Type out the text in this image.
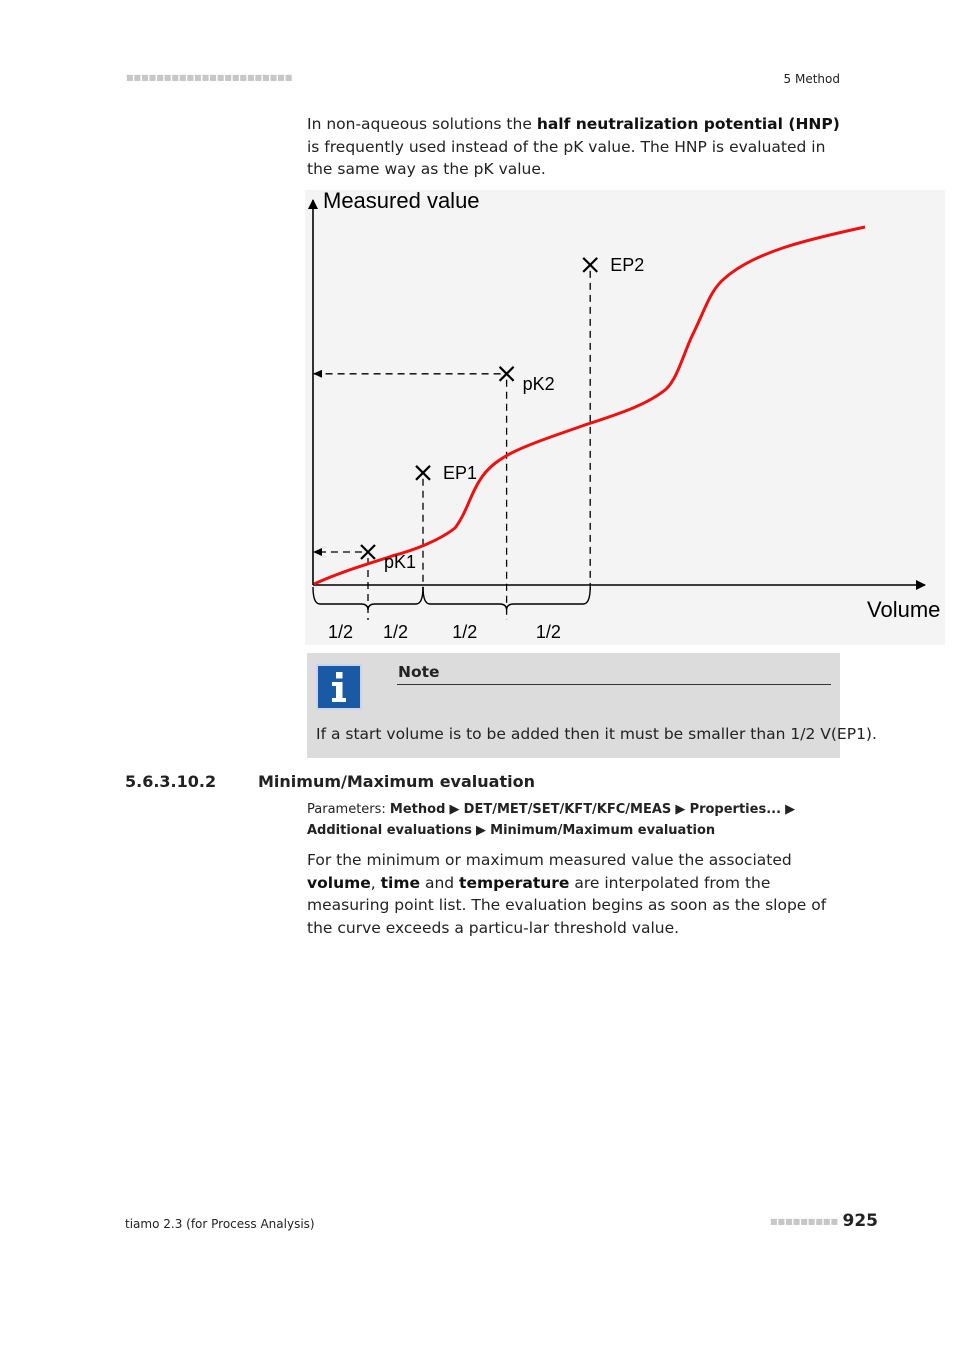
■■■■■■■■■■■■■■■■■■■■■■	5 Method
In non-aqueous solutions the half neutralization potential (HNP) is frequently used instead of the pK value. The HNP is evaluated in the same way as the pK value.
Measured value
Volume
pK1
EP1
pK2
EP2
1/2 1/2 1/2	1/2
Note
If a start volume is to be added then it must be smaller than 1/2 V(EP1).
5.6.3.10.2	Minimum/Maximum evaluation
Parameters: Method ▶ DET/MET/SET/KFT/KFC/MEAS ▶ Properties... ▶ Additional evaluations ▶ Minimum/Maximum evaluation
For the minimum or maximum measured value the associated volume, time and temperature are interpolated from the measuring point list. The evaluation begins as soon as the slope of the curve exceeds a particu-lar threshold value.
tiamo 2.3 (for Process Analysis)	■■■■■■■■■ 925
